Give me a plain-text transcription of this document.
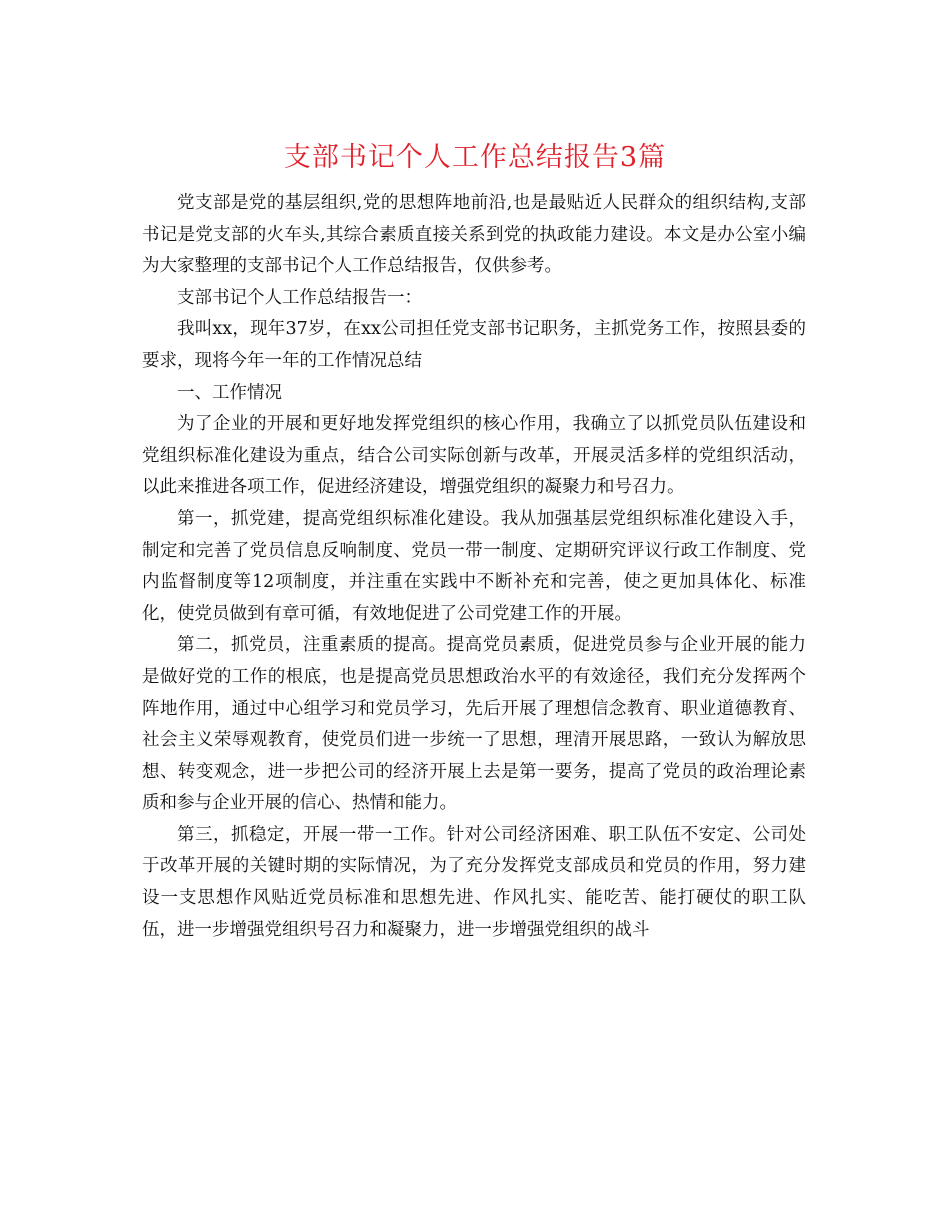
支部书记个人工作总结报告3篇

党支部是党的基层组织,党的思想阵地前沿,也是最贴近人民群众的组织结构,支部书记是党支部的火车头,其综合素质直接关系到党的执政能力建设。本文是办公室小编为大家整理的支部书记个人工作总结报告，仅供参考。

支部书记个人工作总结报告一：

我叫xx，现年37岁，在xx公司担任党支部书记职务，主抓党务工作，按照县委的要求，现将今年一年的工作情况总结

一、工作情况

为了企业的开展和更好地发挥党组织的核心作用，我确立了以抓党员队伍建设和党组织标准化建设为重点，结合公司实际创新与改革，开展灵活多样的党组织活动，以此来推进各项工作，促进经济建设，增强党组织的凝聚力和号召力。

第一，抓党建，提高党组织标准化建设。我从加强基层党组织标准化建设入手，制定和完善了党员信息反响制度、党员一带一制度、定期研究评议行政工作制度、党内监督制度等12项制度，并注重在实践中不断补充和完善，使之更加具体化、标准化，使党员做到有章可循，有效地促进了公司党建工作的开展。

第二，抓党员，注重素质的提高。提高党员素质，促进党员参与企业开展的能力是做好党的工作的根底，也是提高党员思想政治水平的有效途径，我们充分发挥两个阵地作用，通过中心组学习和党员学习，先后开展了理想信念教育、职业道德教育、社会主义荣辱观教育，使党员们进一步统一了思想，理清开展思路，一致认为解放思想、转变观念，进一步把公司的经济开展上去是第一要务，提高了党员的政治理论素质和参与企业开展的信心、热情和能力。

第三，抓稳定，开展一带一工作。针对公司经济困难、职工队伍不安定、公司处于改革开展的关键时期的实际情况，为了充分发挥党支部成员和党员的作用，努力建设一支思想作风贴近党员标准和思想先进、作风扎实、能吃苦、能打硬仗的职工队伍，进一步增强党组织号召力和凝聚力，进一步增强党组织的战斗
